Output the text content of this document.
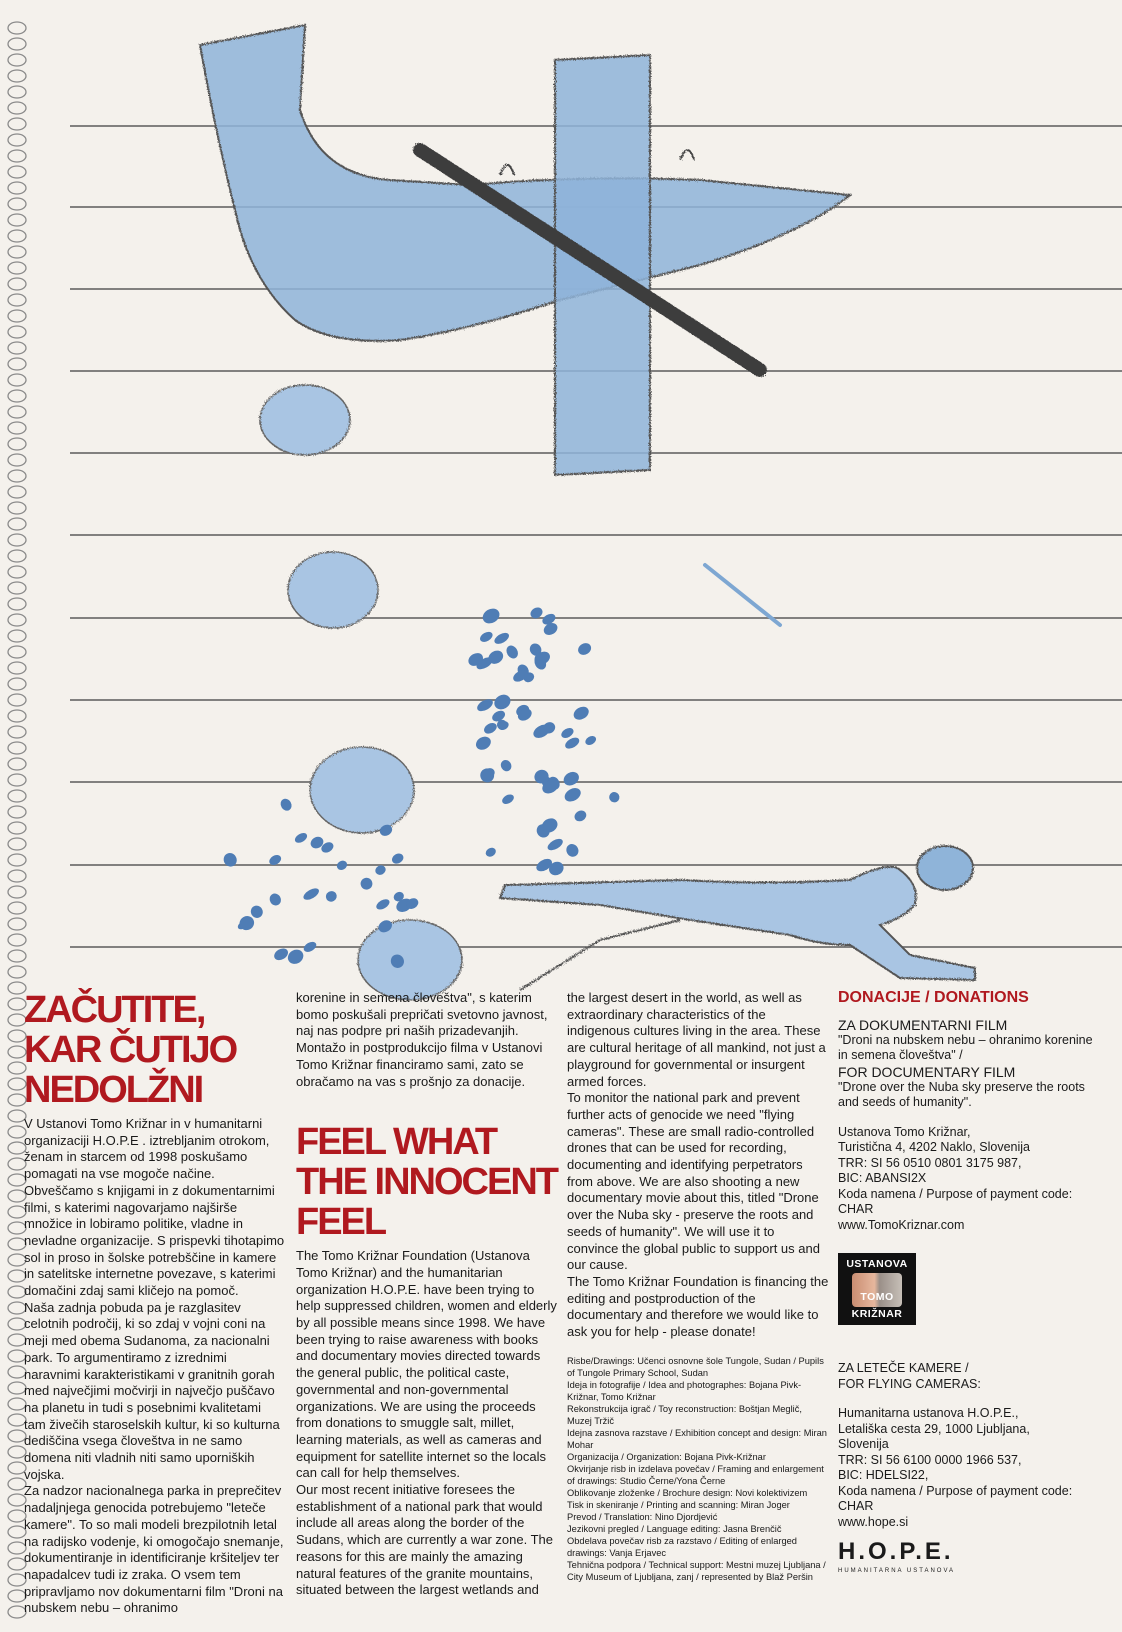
ZAČUTITE,
KAR ČUTIJO
NEDOLŽNI

V Ustanovi Tomo Križnar in v humanitarni organizaciji H.O.P.E . iztrebljanim otrokom, ženam in starcem od 1998 poskušamo pomagati na vse mogoče načine. Obveščamo s knjigami in z dokumentarnimi filmi, s katerimi nagovarjamo najširše množice in lobiramo politike, vladne in nevladne organizacije. S prispevki tihotapimo sol in proso in šolske potrebščine in kamere in satelitske internetne povezave, s katerimi domačini zdaj sami kličejo na pomoč.

Naša zadnja pobuda pa je razglasitev celotnih področij, ki so zdaj v vojni coni na meji med obema Sudanoma, za nacionalni park. To argumentiramo z izrednimi naravnimi karakteristikami v granitnih gorah med največjimi močvirji in največjo puščavo na planetu in tudi s posebnimi kvalitetami tam živečih staroselskih kultur, ki so kulturna dediščina vsega človeštva in ne samo domena niti vladnih niti samo uporniških vojska.

Za nadzor nacionalnega parka in preprečitev nadaljnjega genocida potrebujemo "leteče kamere". To so mali modeli brezpilotnih letal na radijsko vodenje, ki omogočajo snemanje, dokumentiranje in identificiranje kršiteljev ter napadalcev tudi iz zraka. O vsem tem pripravljamo nov dokumentarni film "Droni na nubskem nebu – ohranimo

korenine in semena človeštva", s katerim bomo poskušali prepričati svetovno javnost, naj nas podpre pri naših prizadevanjih.

Montažo in postprodukcijo filma v Ustanovi Tomo Križnar financiramo sami, zato se obračamo na vas s prošnjo za donacije.

FEEL WHAT
THE INNOCENT
FEEL

The Tomo Križnar Foundation (Ustanova Tomo Križnar) and the humanitarian organization H.O.P.E. have been trying to help suppressed children, women and elderly by all possible means since 1998. We have been trying to raise awareness with books and documentary movies directed towards the general public, the political caste, governmental and non-governmental organizations. We are using the proceeds from donations to smuggle salt, millet, learning materials, as well as cameras and equipment for satellite internet so the locals can call for help themselves.

Our most recent initiative foresees the establishment of a national park that would include all areas along the border of the Sudans, which are currently a war zone. The reasons for this are mainly the amazing natural features of the granite mountains, situated between the largest wetlands and

the largest desert in the world, as well as extraordinary characteristics of the indigenous cultures living in the area. These are cultural heritage of all mankind, not just a playground for governmental or insurgent armed forces.

To monitor the national park and prevent further acts of genocide we need "flying cameras". These are small radio-controlled drones that can be used for recording, documenting and identifying perpetrators from above. We are also shooting a new documentary movie about this, titled "Drone over the Nuba sky - preserve the roots and seeds of humanity". We will use it to convince the global public to support us and our cause.

The Tomo Križnar Foundation is financing the editing and postproduction of the documentary and therefore we would like to ask you for help - please donate!

Risbe/Drawings: Učenci osnovne šole Tungole, Sudan / Pupils of Tungole Primary School, Sudan
Ideja in fotografije / Idea and photographes: Bojana Pivk-Križnar, Tomo Križnar
Rekonstrukcija igrač / Toy reconstruction: Boštjan Meglič, Muzej Tržič
Idejna zasnova razstave / Exhibition concept and design: Miran Mohar
Organizacija / Organization: Bojana Pivk-Križnar
Okvirjanje risb in izdelava povečav / Framing and enlargement of drawings: Studio Černe/Yona Černe
Oblikovanje zloženke / Brochure design: Novi kolektivizem
Tisk in skeniranje / Printing and scanning: Miran Joger
Prevod / Translation: Nino Djordjević
Jezikovni pregled / Language editing: Jasna Brenčič
Obdelava povečav risb za razstavo / Editing of enlarged drawings: Vanja Erjavec
Tehnična podpora / Technical support: Mestni muzej Ljubljana / City Museum of Ljubljana, zanj / represented by Blaž Peršin
DONACIJE / DONATIONS
ZA DOKUMENTARNI FILM
"Droni na nubskem nebu – ohranimo korenine in semena človeštva" /
FOR DOCUMENTARY FILM
"Drone over the Nuba sky preserve the roots and seeds of humanity".
Ustanova Tomo Križnar,
Turistična 4, 4202 Naklo, Slovenija
TRR: SI 56 0510 0801 3175 987,
BIC: ABANSI2X
Koda namena / Purpose of payment code: CHAR
www.TomoKriznar.com
USTANOVA
TOMO KRIŽNAR
ZA LETEČE KAMERE /
FOR FLYING CAMERAS:
Humanitarna ustanova H.O.P.E.,
Letališka cesta 29, 1000 Ljubljana,
Slovenija
TRR: SI 56 6100 0000 1966 537,
BIC: HDELSI22,
Koda namena / Purpose of payment code: CHAR
www.hope.si
H.O.P.E.
HUMANITARNA USTANOVA
